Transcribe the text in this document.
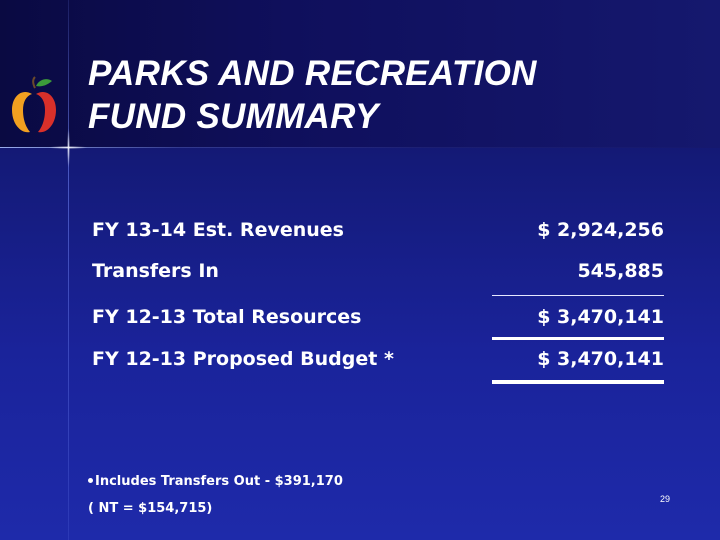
PARKS AND RECREATION
FUND SUMMARY
FY 13-14 Est. Revenues	$ 2,924,256
Transfers In	545,885
FY 12-13 Total Resources	$ 3,470,141
FY 12-13 Proposed Budget *	$ 3,470,141
Includes Transfers Out - $391,170
( NT = $154,715)
29
